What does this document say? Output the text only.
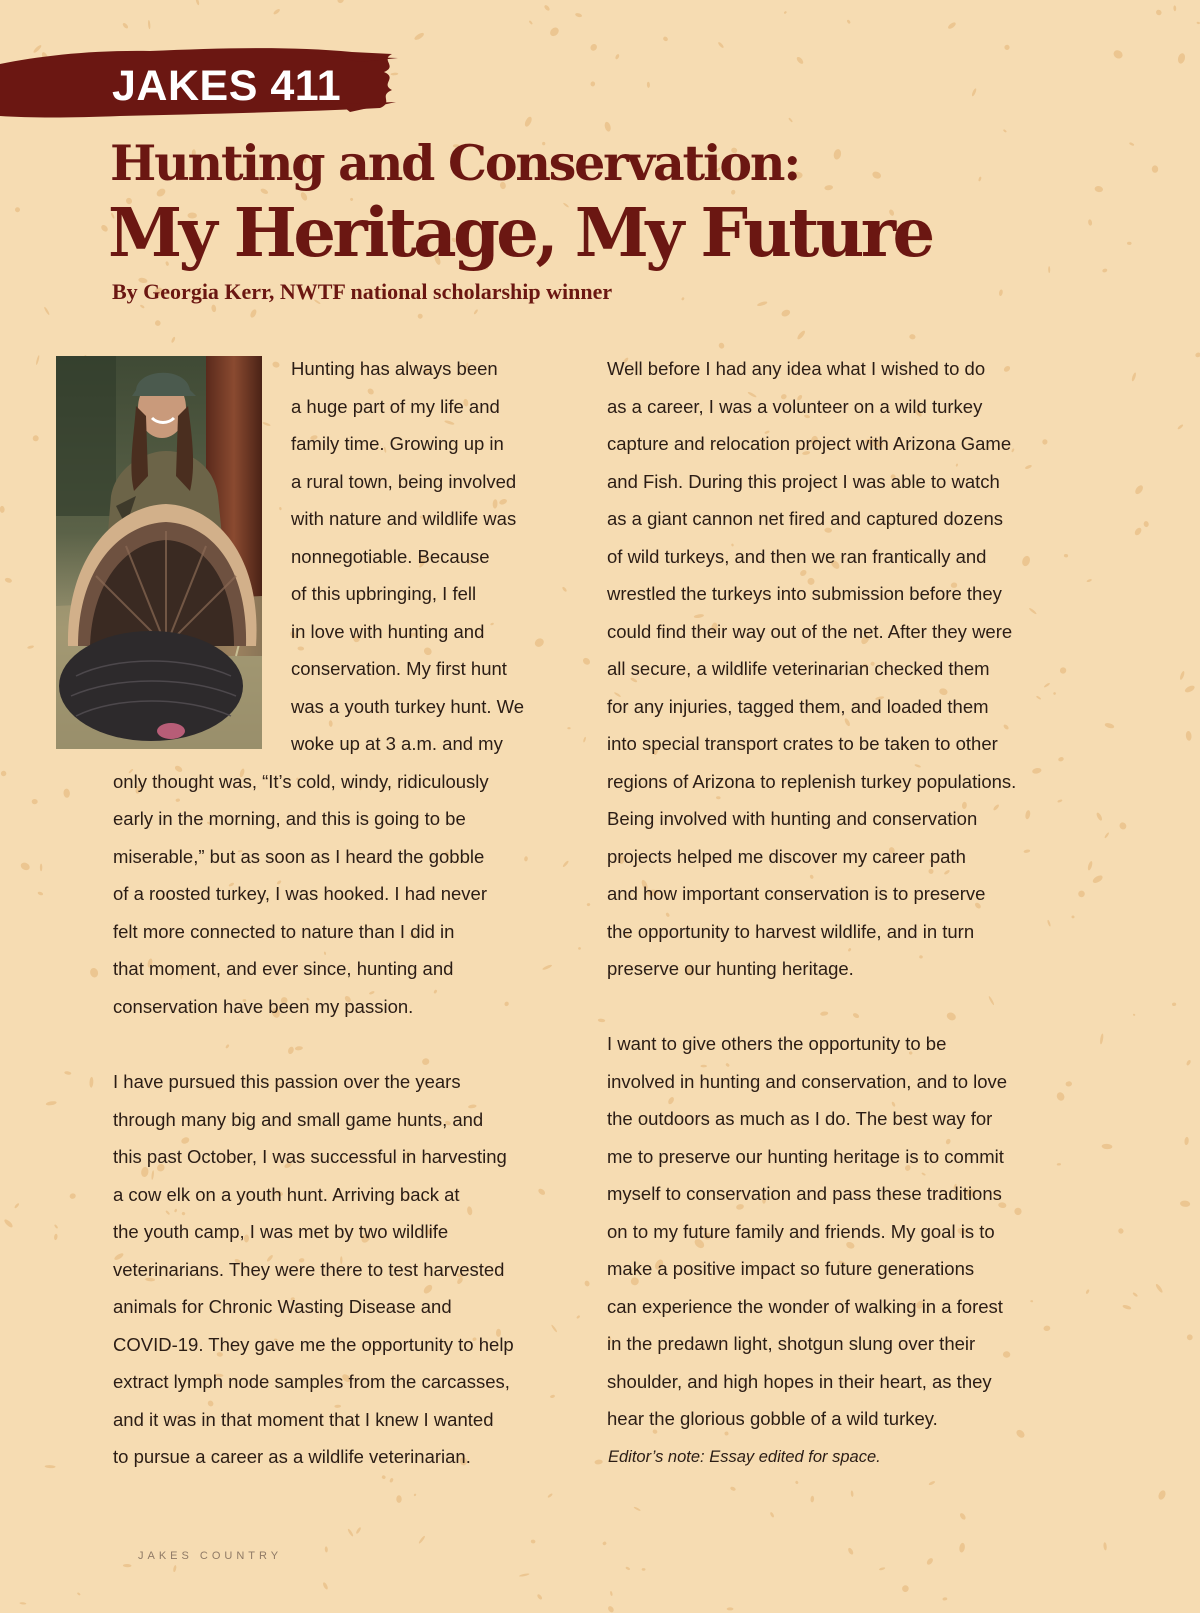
JAKES 411
Hunting and Conservation:
My Heritage, My Future
By Georgia Kerr, NWTF national scholarship winner
Hunting has always been
a huge part of my life and
family time. Growing up in
a rural town, being involved
with nature and wildlife was
nonnegotiable. Because
of this upbringing, I fell
in love with hunting and
conservation. My first hunt
was a youth turkey hunt. We
woke up at 3 a.m. and my
only thought was, “It’s cold, windy, ridiculously
early in the morning, and this is going to be
miserable,” but as soon as I heard the gobble
of a roosted turkey, I was hooked. I had never
felt more connected to nature than I did in
that moment, and ever since, hunting and
conservation have been my passion.
I have pursued this passion over the years
through many big and small game hunts, and
this past October, I was successful in harvesting
a cow elk on a youth hunt. Arriving back at
the youth camp, I was met by two wildlife
veterinarians. They were there to test harvested
animals for Chronic Wasting Disease and
COVID-19. They gave me the opportunity to help
extract lymph node samples from the carcasses,
and it was in that moment that I knew I wanted
to pursue a career as a wildlife veterinarian.
Well before I had any idea what I wished to do
as a career, I was a volunteer on a wild turkey
capture and relocation project with Arizona Game
and Fish. During this project I was able to watch
as a giant cannon net fired and captured dozens
of wild turkeys, and then we ran frantically and
wrestled the turkeys into submission before they
could find their way out of the net. After they were
all secure, a wildlife veterinarian checked them
for any injuries, tagged them, and loaded them
into special transport crates to be taken to other
regions of Arizona to replenish turkey populations.
Being involved with hunting and conservation
projects helped me discover my career path
and how important conservation is to preserve
the opportunity to harvest wildlife, and in turn
preserve our hunting heritage.
I want to give others the opportunity to be
involved in hunting and conservation, and to love
the outdoors as much as I do. The best way for
me to preserve our hunting heritage is to commit
myself to conservation and pass these traditions
on to my future family and friends. My goal is to
make a positive impact so future generations
can experience the wonder of walking in a forest
in the predawn light, shotgun slung over their
shoulder, and high hopes in their heart, as they
hear the glorious gobble of a wild turkey.
Editor’s note: Essay edited for space.
JAKES COUNTRY
